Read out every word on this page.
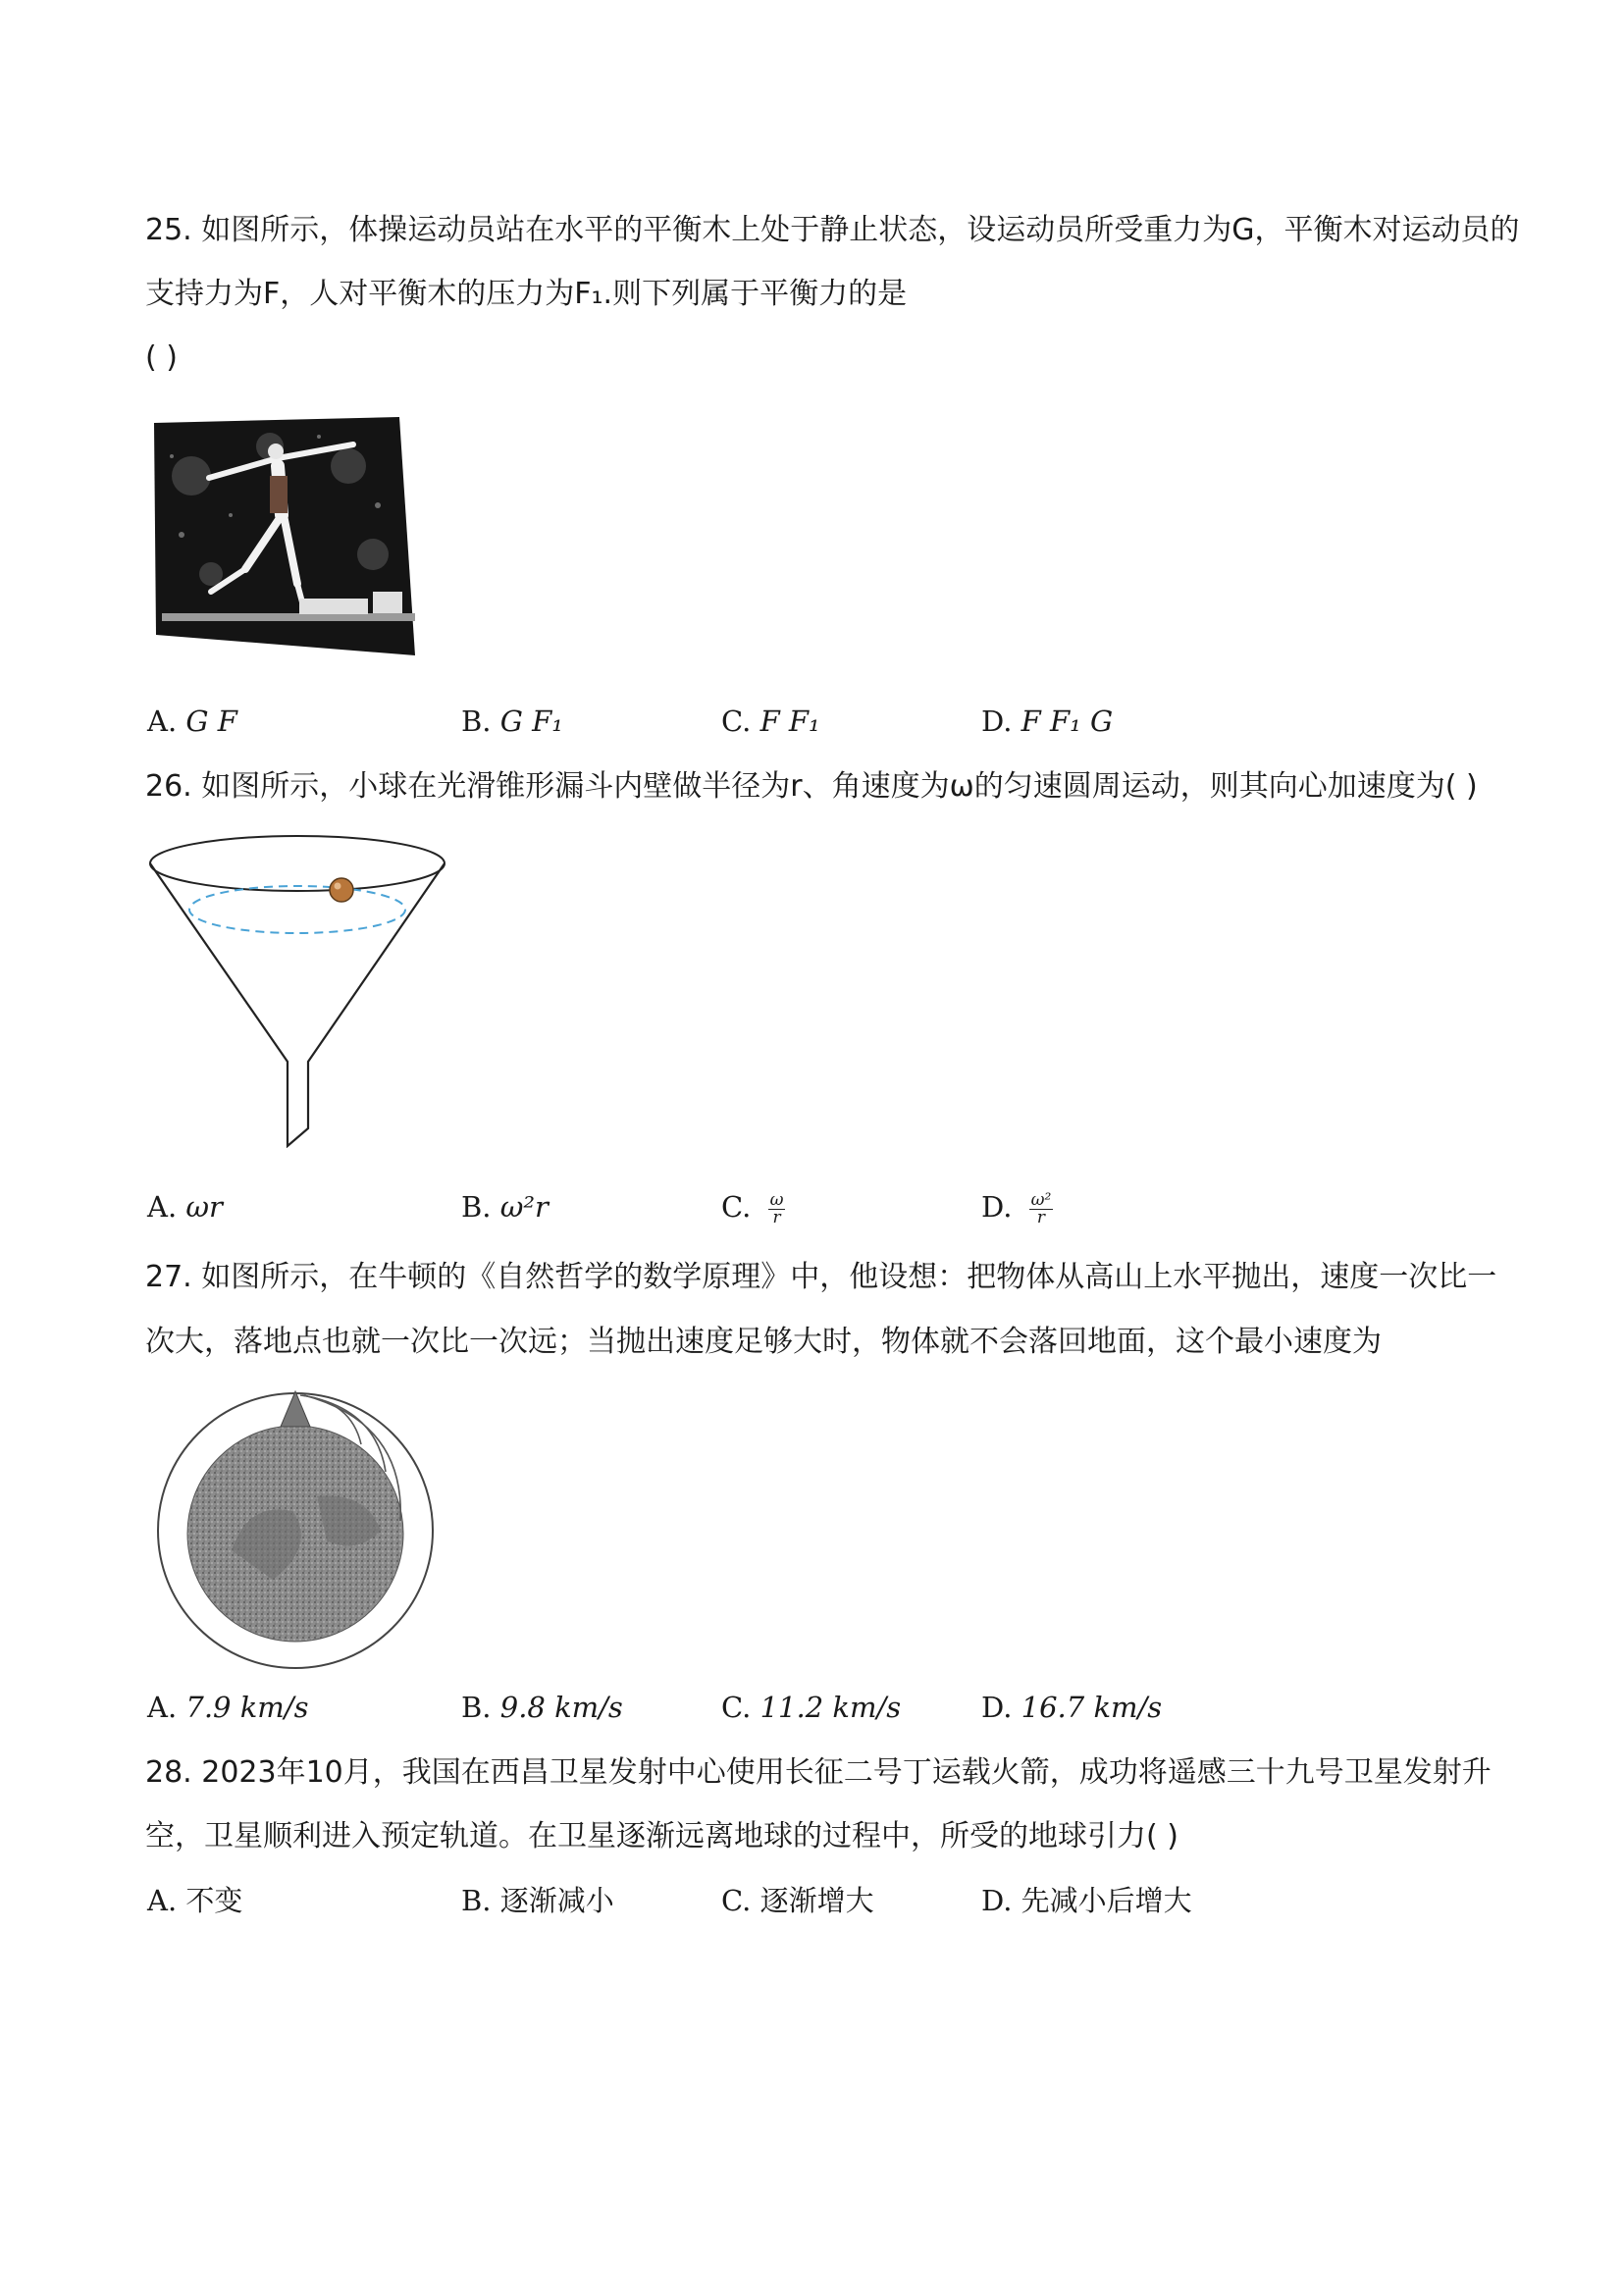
25. 如图所示，体操运动员站在水平的平衡木上处于静止状态，设运动员所受重力为G，平衡木对运动员的
支持力为F，人对平衡木的压力为F₁.则下列属于平衡力的是
( )
A. G F	B. G F₁	C. F F₁	D. F F₁ G
26. 如图所示，小球在光滑锥形漏斗内壁做半径为r、角速度为ω的匀速圆周运动，则其向心加速度为( )
A. ωr	B. ω²r	C. $\frac{\omega}{r}$	D. $\frac{\text{ω²}}{r}$
27. 如图所示，在牛顿的《自然哲学的数学原理》中，他设想：把物体从高山上水平抛出，速度一次比一
次大，落地点也就一次比一次远；当抛出速度足够大时，物体就不会落回地面，这个最小速度为
A. 7.9 km/s	B. 9.8 km/s	C. 11.2 km/s	D. 16.7 km/s
28. 2023年10月，我国在西昌卫星发射中心使用长征二号丁运载火箭，成功将遥感三十九号卫星发射升
空，卫星顺利进入预定轨道。在卫星逐渐远离地球的过程中，所受的地球引力( )
A. 不变	B. 逐渐减小	C. 逐渐增大	D. 先减小后增大
